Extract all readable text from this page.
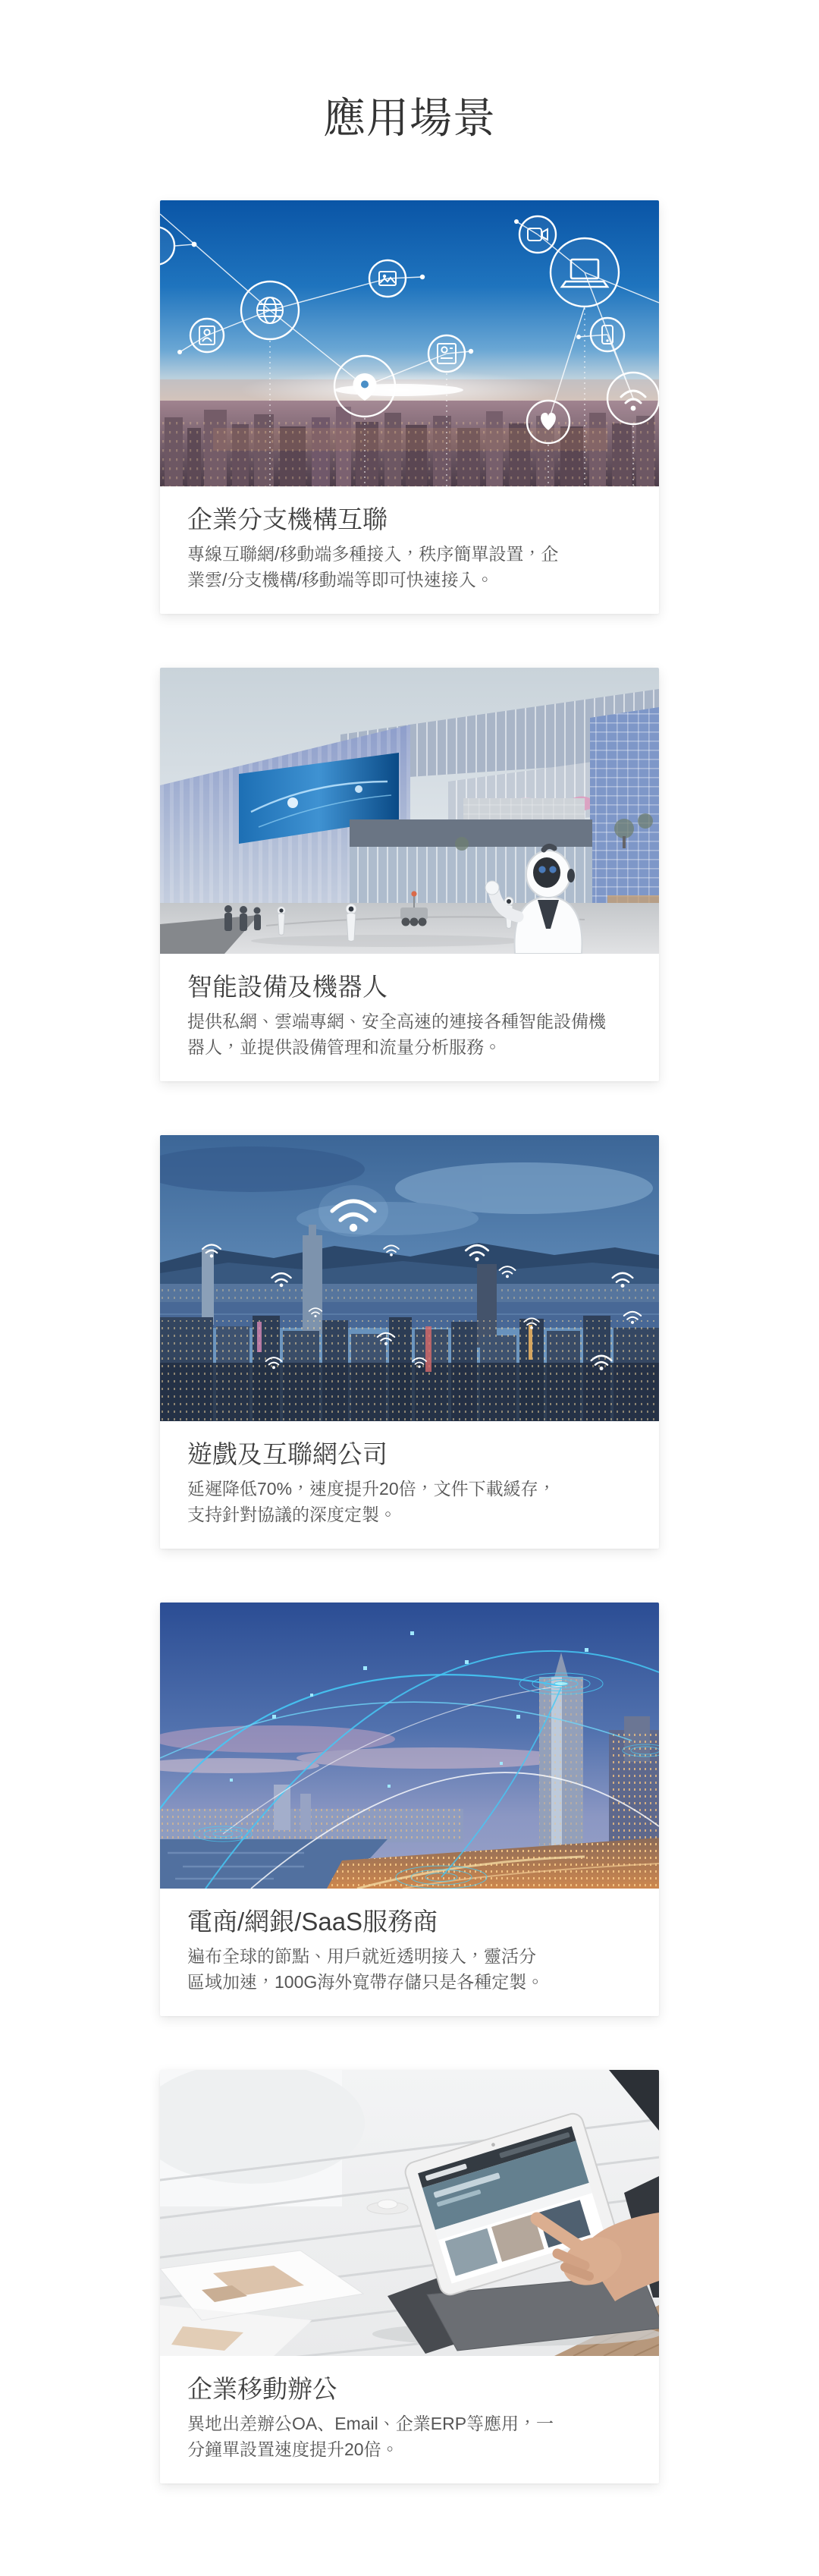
應用場景
企業分支機構互聯

專線互聯網/移動端多種接入，秩序簡單設置，企
業雲/分支機構/移動端等即可快速接入。

智能設備及機器人

提供私網、雲端專網、安全高速的連接各種智能設備機
器人，並提供設備管理和流量分析服務。

遊戲及互聯網公司

延遲降低70%，速度提升20倍，文件下載緩存，
支持針對協議的深度定製。

電商/網銀/SaaS服務商

遍布全球的節點、用戶就近透明接入，靈活分
區域加速，100G海外寬帶存儲只是各種定製。

企業移動辦公

異地出差辦公OA、Email、企業ERP等應用，一
分鐘單設置速度提升20倍。
